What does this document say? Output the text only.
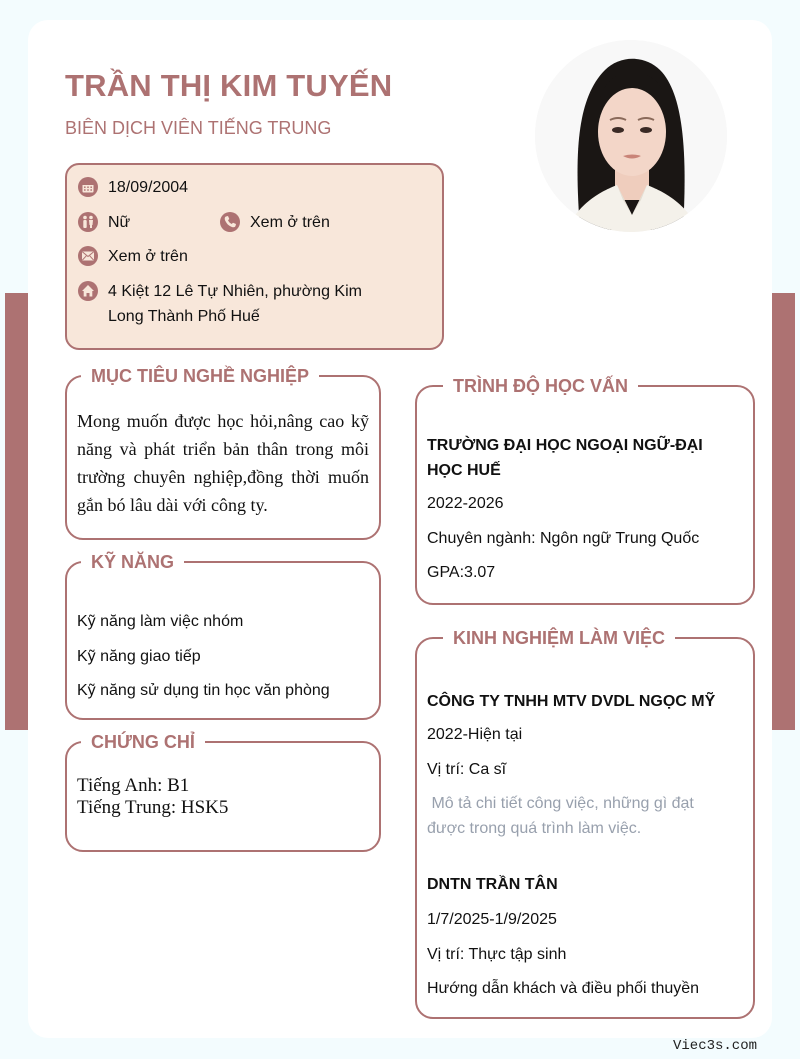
TRẦN THỊ KIM TUYẾN
BIÊN DỊCH VIÊN TIẾNG TRUNG
18/09/2004
Nữ	Xem ở trên
Xem ở trên
4 Kiệt 12 Lê Tự Nhiên, phường Kim
Long Thành Phố Huế
MỤC TIÊU NGHỀ NGHIỆP
Mong muốn được học hỏi,nâng cao kỹ năng và phát triển bản thân trong môi trường chuyên nghiệp,đồng thời muốn gắn bó lâu dài với công ty.
KỸ NĂNG
Kỹ năng làm việc nhóm
Kỹ năng giao tiếp
Kỹ năng sử dụng tin học văn phòng
CHỨNG CHỈ
Tiếng Anh: B1
Tiếng Trung: HSK5
TRÌNH ĐỘ HỌC VẤN
TRƯỜNG ĐẠI HỌC NGOẠI NGỮ-ĐẠI
HỌC HUẾ
2022-2026
Chuyên ngành: Ngôn ngữ Trung Quốc
GPA:3.07
KINH NGHIỆM LÀM VIỆC
CÔNG TY TNHH MTV DVDL NGỌC MỸ
2022-Hiện tại
Vị trí: Ca sĩ
Mô tả chi tiết công việc, những gì đạt
được trong quá trình làm việc.
DNTN TRẦN TÂN
1/7/2025-1/9/2025
Vị trí: Thực tập sinh
Hướng dẫn khách và điều phối thuyền
Viec3s.com
